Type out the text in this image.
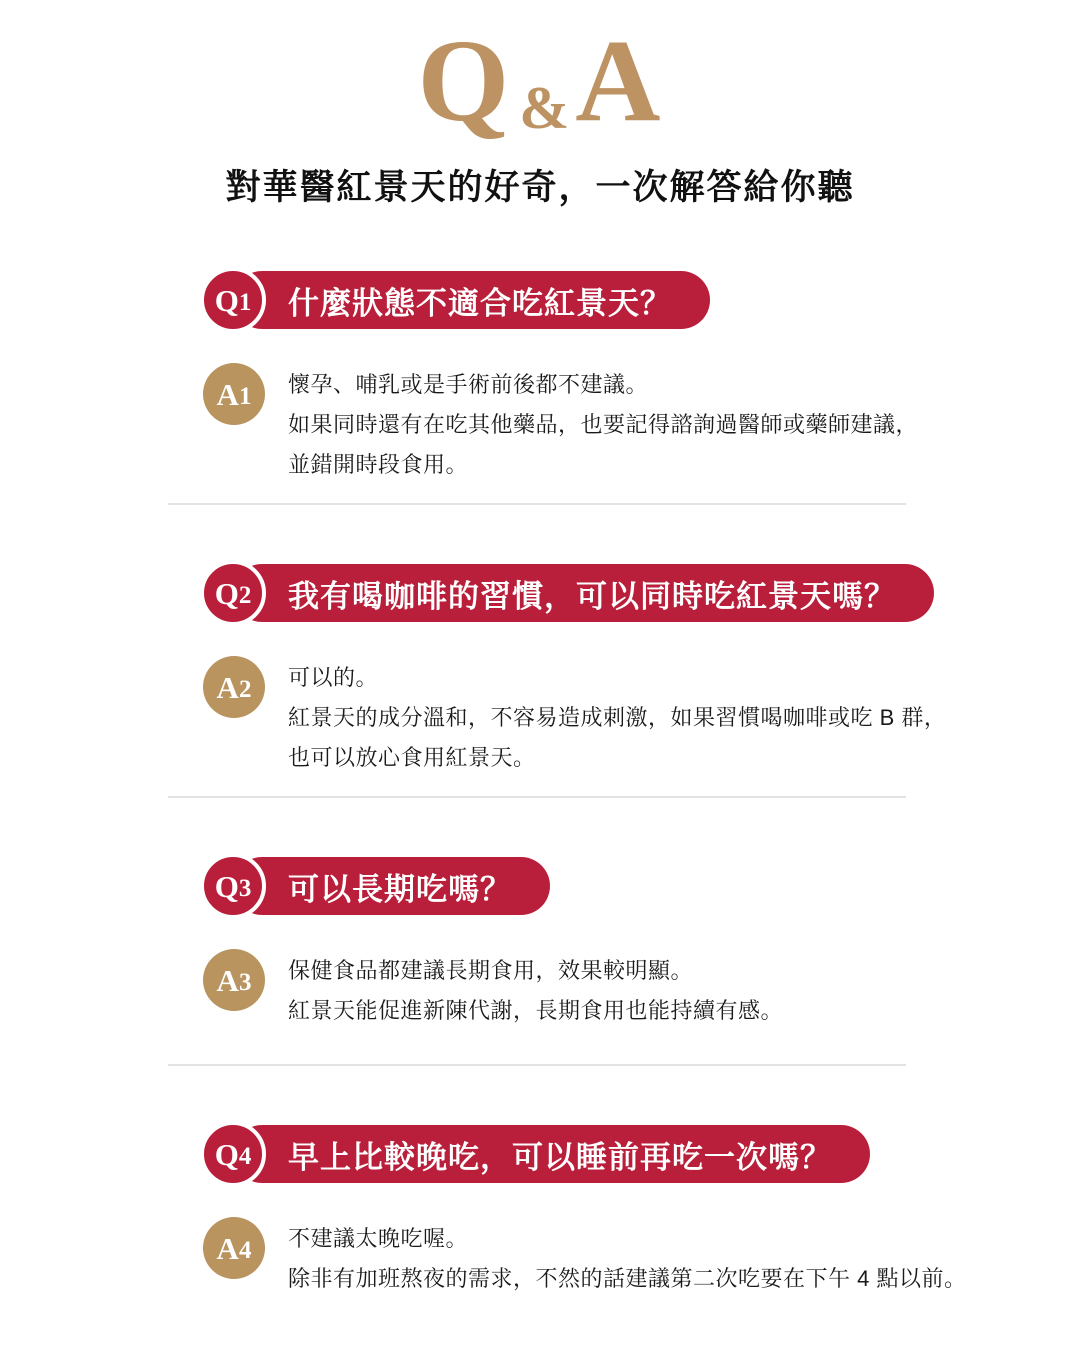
Q & A
對華醫紅景天的好奇，一次解答給你聽
什麼狀態不適合吃紅景天？
Q 1
A 1 懷孕、哺乳或是手術前後都不建議。
如果同時還有在吃其他藥品，也要記得諮詢過醫師或藥師建議，
並錯開時段食用。
我有喝咖啡的習慣，可以同時吃紅景天嗎？
Q 2
A 2 可以的。
紅景天的成分溫和，不容易造成刺激，如果習慣喝咖啡或吃 B 群，
也可以放心食用紅景天。
可以長期吃嗎？
Q 3
A 3 保健食品都建議長期食用，效果較明顯。
紅景天能促進新陳代謝，長期食用也能持續有感。
早上比較晚吃，可以睡前再吃一次嗎？
Q 4
A 4 不建議太晚吃喔。
除非有加班熬夜的需求，不然的話建議第二次吃要在下午 4 點以前。
